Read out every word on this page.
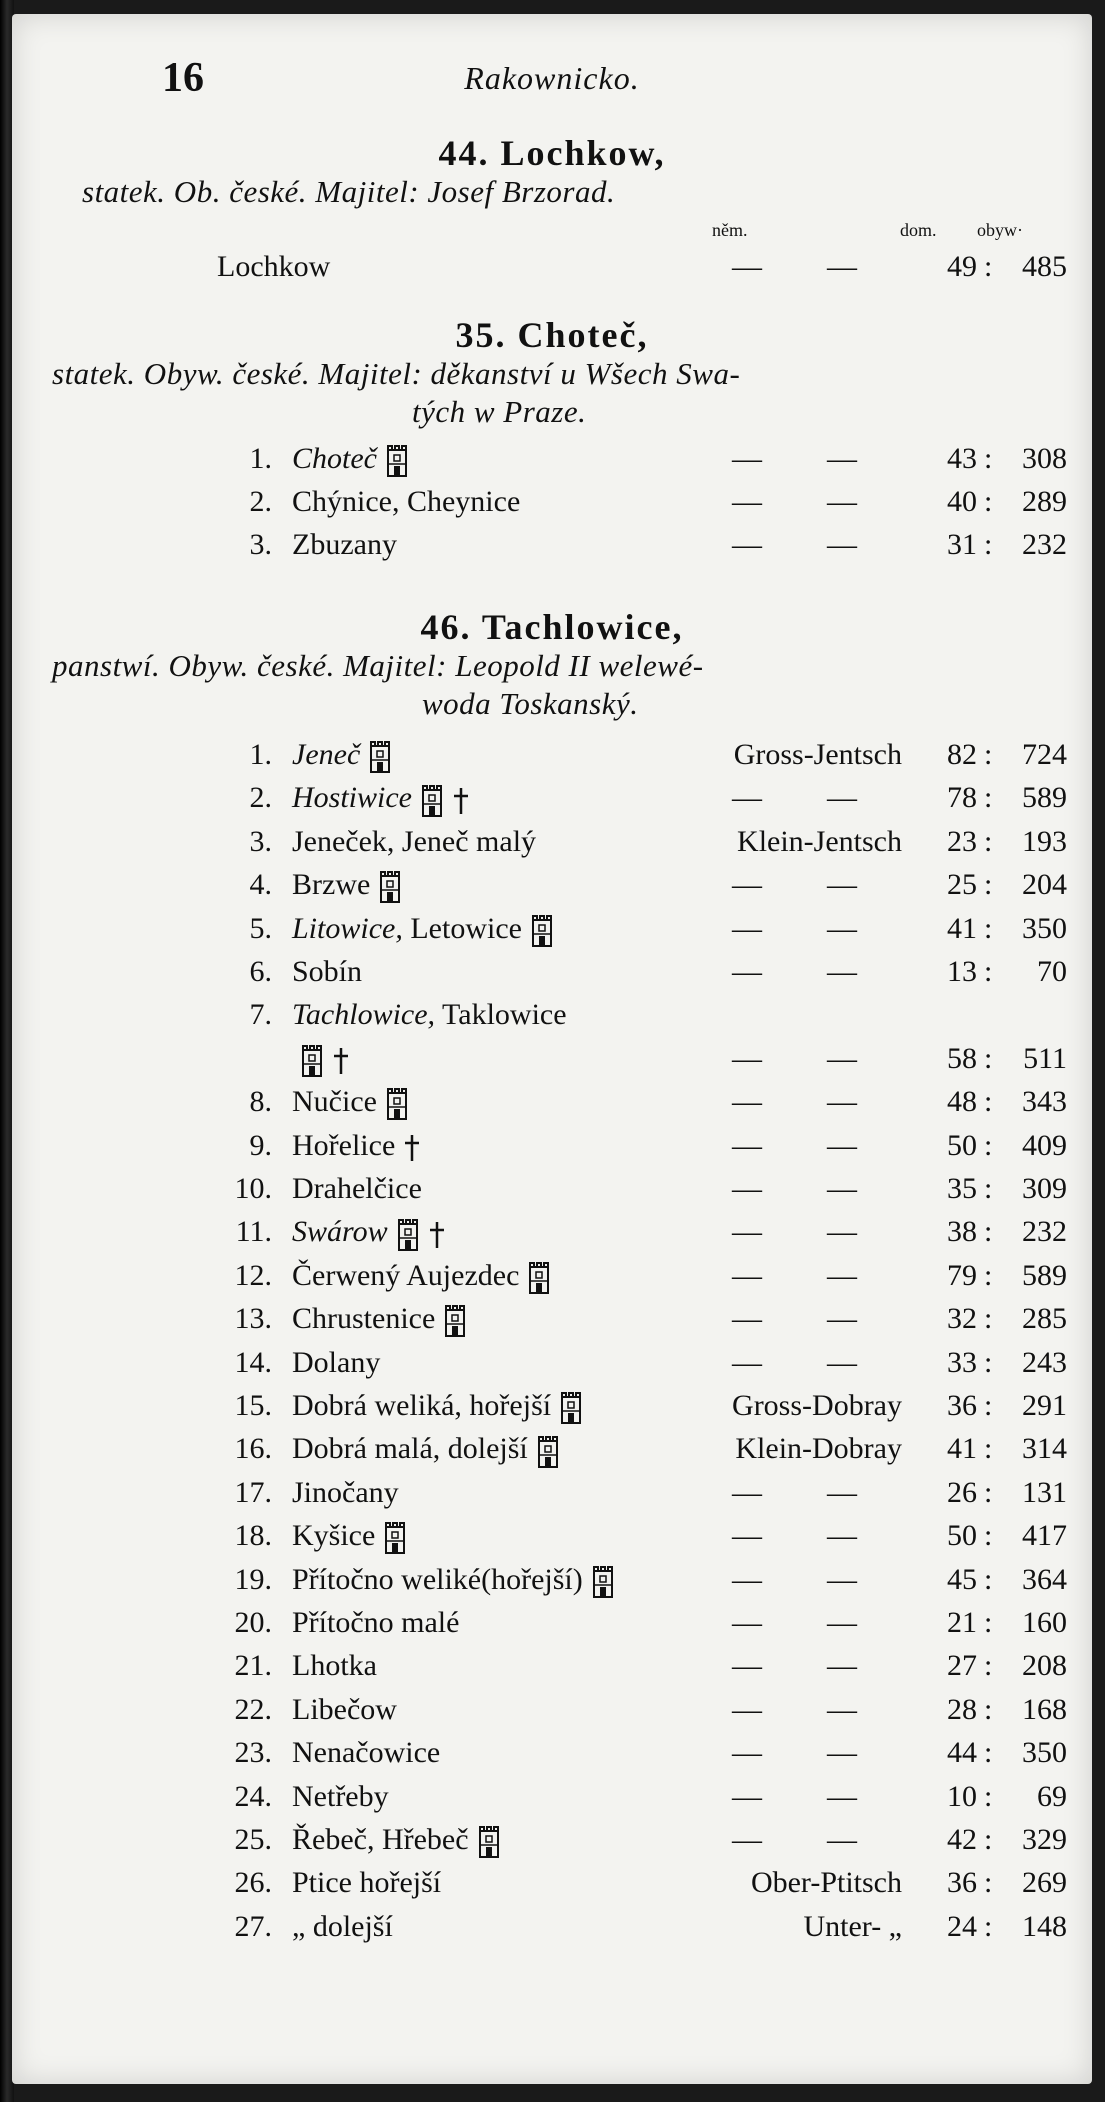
16	Rakownicko.
44. Lochkow,
statek. Ob. české. Majitel: Josef Brzorad.
něm.	dom. obyw·
Lochkow	— —	49 : 485
35. Choteč,
statek. Obyw. české. Majitel: děkanství u Wšech Swa-
tých w Praze.
1. Choteč	— —	43 : 308
2. Chýnice, Cheynice	— —	40 : 289
3. Zbuzany	— —	31 : 232
46. Tachlowice,
panstwí. Obyw. české. Majitel: Leopold II welewé-
woda Toskanský.
1. Jeneč	Gross-Jentsch	82 : 724
2. Hostiwice	— —	78 : 589
3. Jeneček, Jeneč malý	Klein-Jentsch	23 : 193
4. Brzwe	— —	25 : 204
5. Litowice, Letowice	— —	41 : 350
6. Sobín	— —	13 :	70
7. Tachlowice, Taklowice
— —	58 :	511
8. Nučice	— —	48 : 343
9. Hořelice	— —	50 : 409
10. Drahelčice	— —	35 : 309
11. Swárow	— —	38 : 232
12. Čerwený Aujezdec	— —	79 : 589
13. Chrustenice	— —	32 : 285
14. Dolany	— —	33 : 243
15. Dobrá weliká, hořejší	Gross-Dobray	36 : 291
16. Dobrá malá, dolejší	Klein-Dobray	41 : 314
17. Jinočany	— —	26 : 131
18. Kyšice	— —	50 : 417
19. Přítočno weliké(hořejší)	— —	45 : 364
20. Přítočno malé	— —	21 : 160
21. Lhotka	— —	27 : 208
22. Libečow	— —	28 : 168
23. Nenačowice	— —	44 : 350
24. Netřeby	— —	10 :	69
25. Řebeč, Hřebeč	— —	42 : 329
26. Ptice hořejší	Ober-Ptitsch	36 : 269
27. „ dolejší	Unter- „	24 : 148
